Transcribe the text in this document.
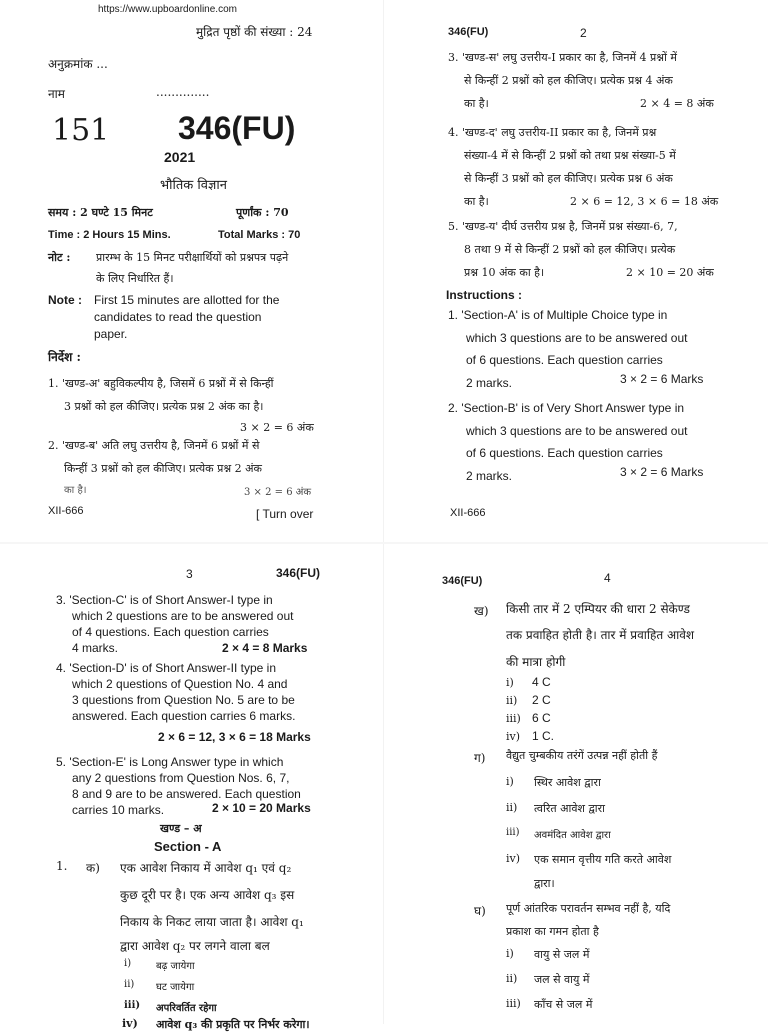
https://www.upboardonline.com
मुद्रित पृष्ठों की संख्या : 24
अनुक्रमांक ...
नाम	..............
151 346(FU)
2021
भौतिक विज्ञान
समय : 2 घण्टे 15 मिनट	पूर्णांक : 70
Time : 2 Hours 15 Mins.	Total Marks : 70
नोट : प्रारम्भ के 15 मिनट परीक्षार्थियों को प्रश्नपत्र पढ़ने
के लिए निर्धारित हैं।
Note : First 15 minutes are allotted for the
candidates to read the question
paper.
निर्देश :
1. 'खण्ड-अ' बहुविकल्पीय है, जिसमें 6 प्रश्नों में से किन्हीं
3 प्रश्नों को हल कीजिए। प्रत्येक प्रश्न 2 अंक का है।
3 × 2 = 6 अंक
2. 'खण्ड-ब' अति लघु उत्तरीय है, जिनमें 6 प्रश्नों में से
किन्हीं 3 प्रश्नों को हल कीजिए। प्रत्येक प्रश्न 2 अंक
का है।	3 × 2 = 6 अंक
XII-666	[ Turn over
346(FU)	2
3. 'खण्ड-स' लघु उत्तरीय-I प्रकार का है, जिनमें 4 प्रश्नों में
से किन्हीं 2 प्रश्नों को हल कीजिए। प्रत्येक प्रश्न 4 अंक
का है।	2 × 4 = 8 अंक
4. 'खण्ड-द' लघु उत्तरीय-II प्रकार का है, जिनमें प्रश्न
संख्या-4 में से किन्हीं 2 प्रश्नों को तथा प्रश्न संख्या-5 में
से किन्हीं 3 प्रश्नों को हल कीजिए। प्रत्येक प्रश्न 6 अंक
का है।	2 × 6 = 12, 3 × 6 = 18 अंक
5. 'खण्ड-य' दीर्घ उत्तरीय प्रश्न है, जिनमें प्रश्न संख्या-6, 7,
8 तथा 9 में से किन्हीं 2 प्रश्नों को हल कीजिए। प्रत्येक
प्रश्न 10 अंक का है।	2 × 10 = 20 अंक
Instructions :
1. 'Section-A' is of Multiple Choice type in
which 3 questions are to be answered out
of 6 questions. Each question carries
2 marks.	3 × 2 = 6 Marks
2. 'Section-B' is of Very Short Answer type in
which 3 questions are to be answered out
of 6 questions. Each question carries
2 marks.	3 × 2 = 6 Marks
XII-666
3	346(FU)
3. 'Section-C' is of Short Answer-I type in
which 2 questions are to be answered out
of 4 questions. Each question carries
4 marks.	2 × 4 = 8 Marks
4. 'Section-D' is of Short Answer-II type in
which 2 questions of Question No. 4 and
3 questions from Question No. 5 are to be
answered. Each question carries 6 marks.
2 × 6 = 12, 3 × 6 = 18 Marks
5. 'Section-E' is Long Answer type in which
any 2 questions from Question Nos. 6, 7,
8 and 9 are to be answered. Each question
carries 10 marks.	2 × 10 = 20 Marks
खण्ड – अ
Section - A
1. क) एक आवेश निकाय में आवेश q₁ एवं q₂
कुछ दूरी पर है। एक अन्य आवेश q₃ इस
निकाय के निकट लाया जाता है। आवेश q₁
द्वारा आवेश q₂ पर लगने वाला बल
i) बढ़ जायेगा
ii) घट जायेगा
iii) अपरिवर्तित रहेगा
iv) आवेश q₃ की प्रकृति पर निर्भर करेगा।
346(FU)	4
ख) किसी तार में 2 एम्पियर की धारा 2 सेकेण्ड
तक प्रवाहित होती है। तार में प्रवाहित आवेश
की मात्रा होगी
i) 4 C
ii) 2 C
iii) 6 C
iv) 1 C.
ग) वैद्युत चुम्बकीय तरंगें उत्पन्न नहीं होती हैं
i) स्थिर आवेश द्वारा
ii) त्वरित आवेश द्वारा
iii) अवमंदित आवेश द्वारा
iv) एक समान वृत्तीय गति करते आवेश
द्वारा।
घ) पूर्ण आंतरिक परावर्तन सम्भव नहीं है, यदि
प्रकाश का गमन होता है
i) वायु से जल में
ii) जल से वायु में
iii) काँच से जल में
